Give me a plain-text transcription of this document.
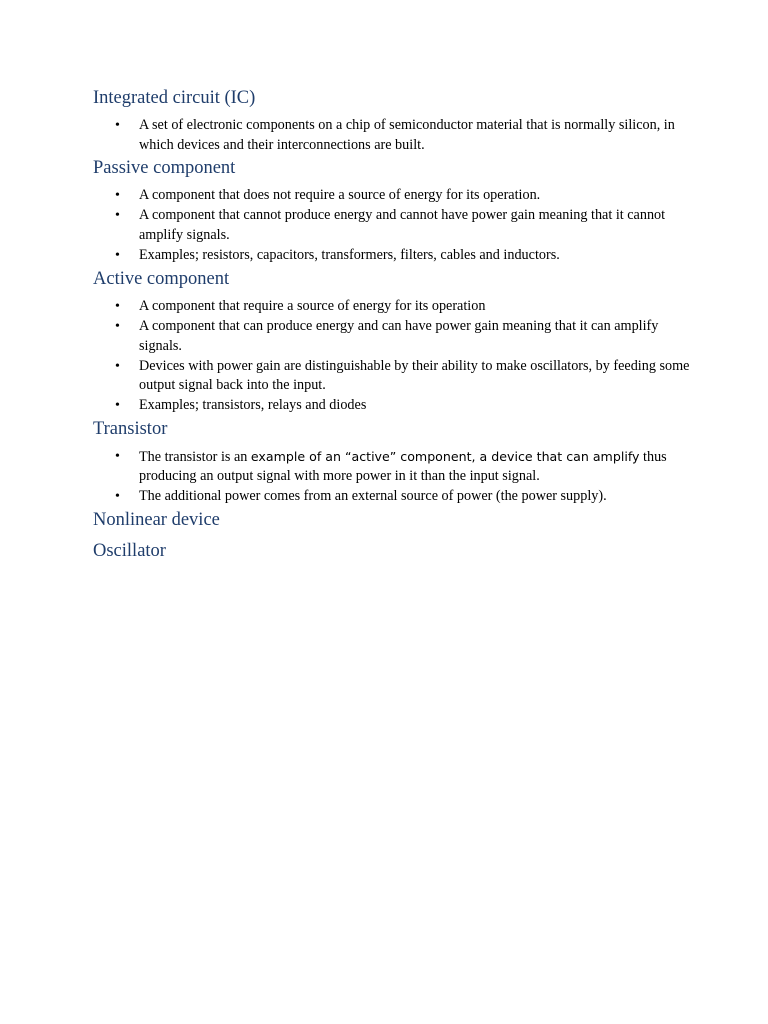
Integrated circuit (IC)
• A set of electronic components on a chip of semiconductor material that is normally silicon, in which devices and their interconnections are built.
Passive component
• A component that does not require a source of energy for its operation.
• A component that cannot produce energy and cannot have power gain meaning that it cannot amplify signals.
• Examples; resistors, capacitors, transformers, filters, cables and inductors.
Active component
• A component that require a source of energy for its operation
• A component that can produce energy and can have power gain meaning that it can amplify signals.
• Devices with power gain are distinguishable by their ability to make oscillators, by feeding some output signal back into the input.
• Examples; transistors, relays and diodes
Transistor
• The transistor is an example of an “active” component, a device that can amplify thus producing an output signal with more power in it than the input signal.
• The additional power comes from an external source of power (the power supply).
Nonlinear device
Oscillator
